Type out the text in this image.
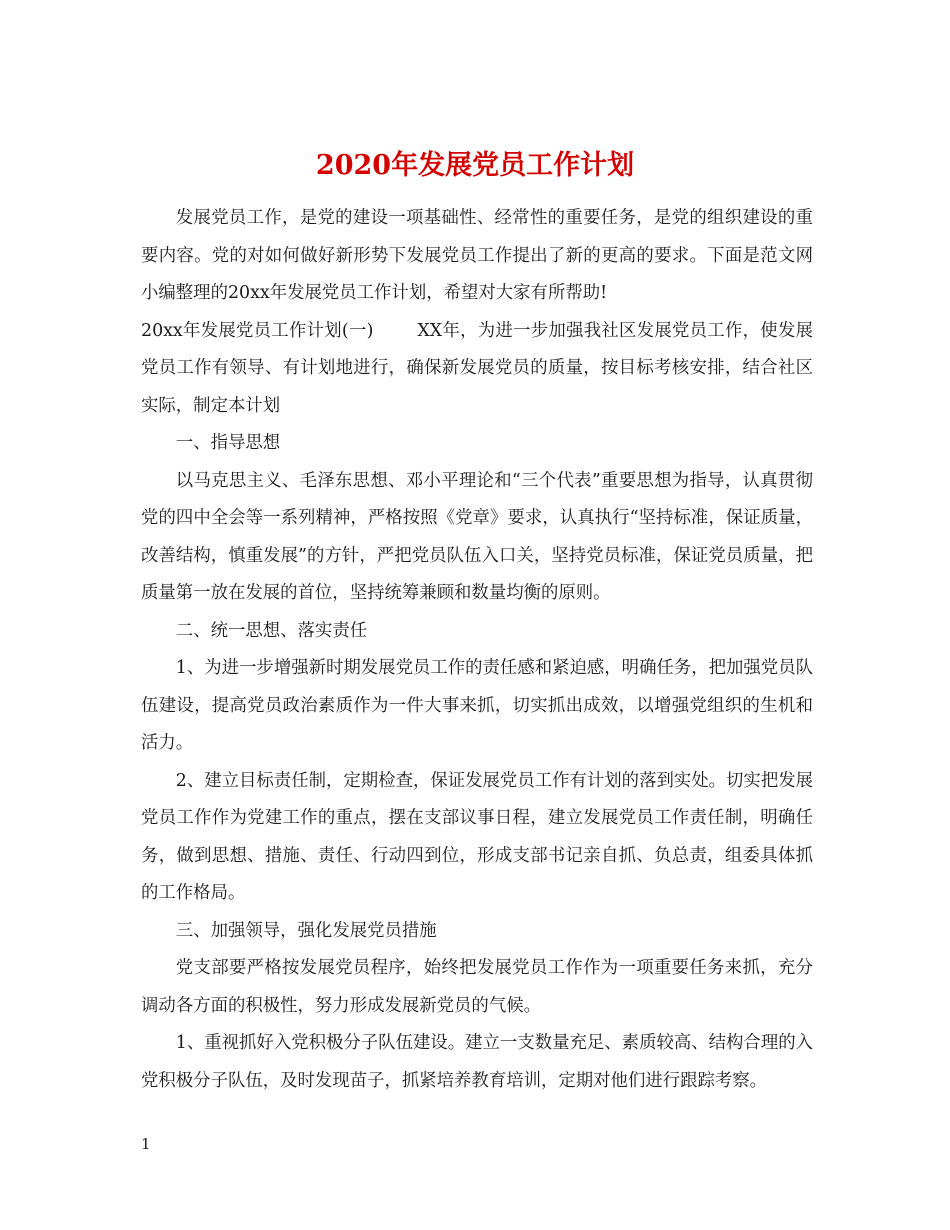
2020年发展党员工作计划

发展党员工作，是党的建设一项基础性、经常性的重要任务，是党的组织建设的重要内容。党的对如何做好新形势下发展党员工作提出了新的更高的要求。下面是范文网小编整理的20xx年发展党员工作计划，希望对大家有所帮助!

20xx年发展党员工作计划(一)	XX年，为进一步加强我社区发展党员工作，使发展党员工作有领导、有计划地进行，确保新发展党员的质量，按目标考核安排，结合社区实际，制定本计划

一、指导思想

以马克思主义、毛泽东思想、邓小平理论和“三个代表”重要思想为指导，认真贯彻党的四中全会等一系列精神，严格按照《党章》要求，认真执行“坚持标准，保证质量，改善结构，慎重发展”的方针，严把党员队伍入口关，坚持党员标准，保证党员质量，把质量第一放在发展的首位，坚持统筹兼顾和数量均衡的原则。

二、统一思想、落实责任

1、为进一步增强新时期发展党员工作的责任感和紧迫感，明确任务，把加强党员队伍建设，提高党员政治素质作为一件大事来抓，切实抓出成效，以增强党组织的生机和活力。

2、建立目标责任制，定期检查，保证发展党员工作有计划的落到实处。切实把发展党员工作作为党建工作的重点，摆在支部议事日程，建立发展党员工作责任制，明确任务，做到思想、措施、责任、行动四到位，形成支部书记亲自抓、负总责，组委具体抓的工作格局。

三、加强领导，强化发展党员措施

党支部要严格按发展党员程序，始终把发展党员工作作为一项重要任务来抓，充分调动各方面的积极性，努力形成发展新党员的气候。

1、重视抓好入党积极分子队伍建设。建立一支数量充足、素质较高、结构合理的入党积极分子队伍，及时发现苗子，抓紧培养教育培训，定期对他们进行跟踪考察。

1
